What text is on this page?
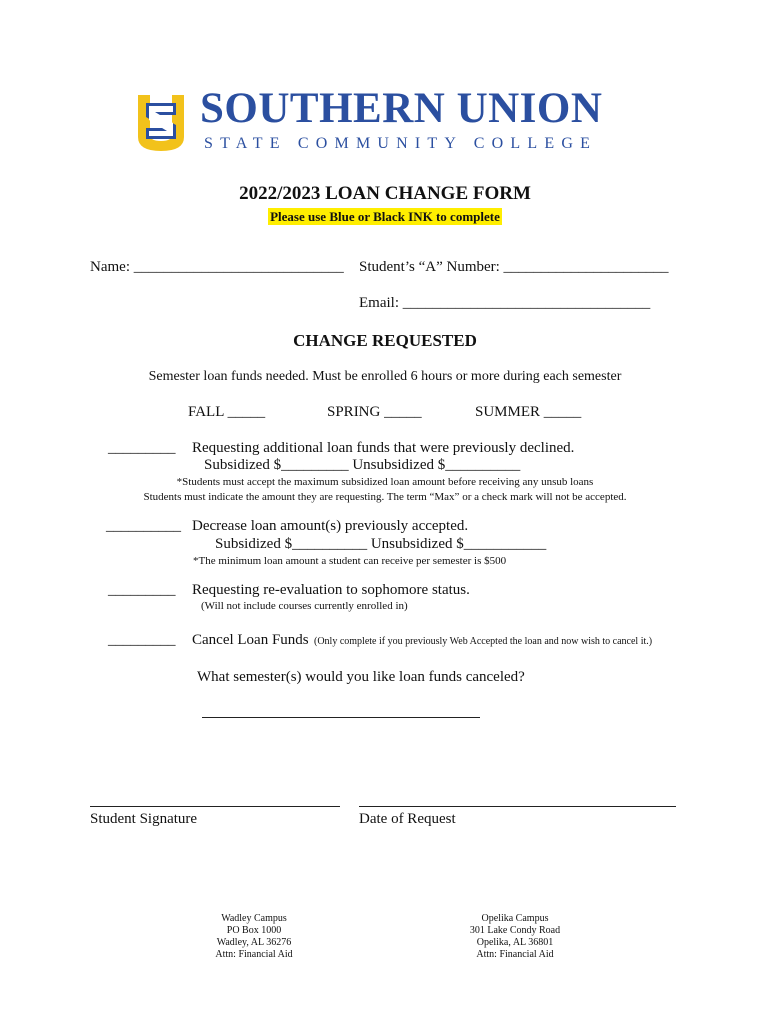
SOUTHERN UNION
STATE COMMUNITY COLLEGE
2022/2023 LOAN CHANGE FORM
Please use Blue or Black INK to complete
Name: ____________________________ Student’s “A” Number: ______________________
Email: _________________________________
CHANGE REQUESTED
Semester loan funds needed. Must be enrolled 6 hours or more during each semester
FALL _____	SPRING _____	SUMMER _____
_________ Requesting additional loan funds that were previously declined.
Subsidized $_________ Unsubsidized $__________
*Students must accept the maximum subsidized loan amount before receiving any unsub loans
Students must indicate the amount they are requesting. The term “Max” or a check mark will not be accepted.
__________ Decrease loan amount(s) previously accepted.
Subsidized $__________ Unsubsidized $___________
*The minimum loan amount a student can receive per semester is $500
_________ Requesting re-evaluation to sophomore status.
(Will not include courses currently enrolled in)
_________ Cancel Loan Funds (Only complete if you previously Web Accepted the loan and now wish to cancel it.)
What semester(s) would you like loan funds canceled?
Student Signature	Date of Request
Wadley Campus
PO Box 1000
Wadley, AL 36276
Attn: Financial Aid
Opelika Campus
301 Lake Condy Road
Opelika, AL 36801
Attn: Financial Aid
